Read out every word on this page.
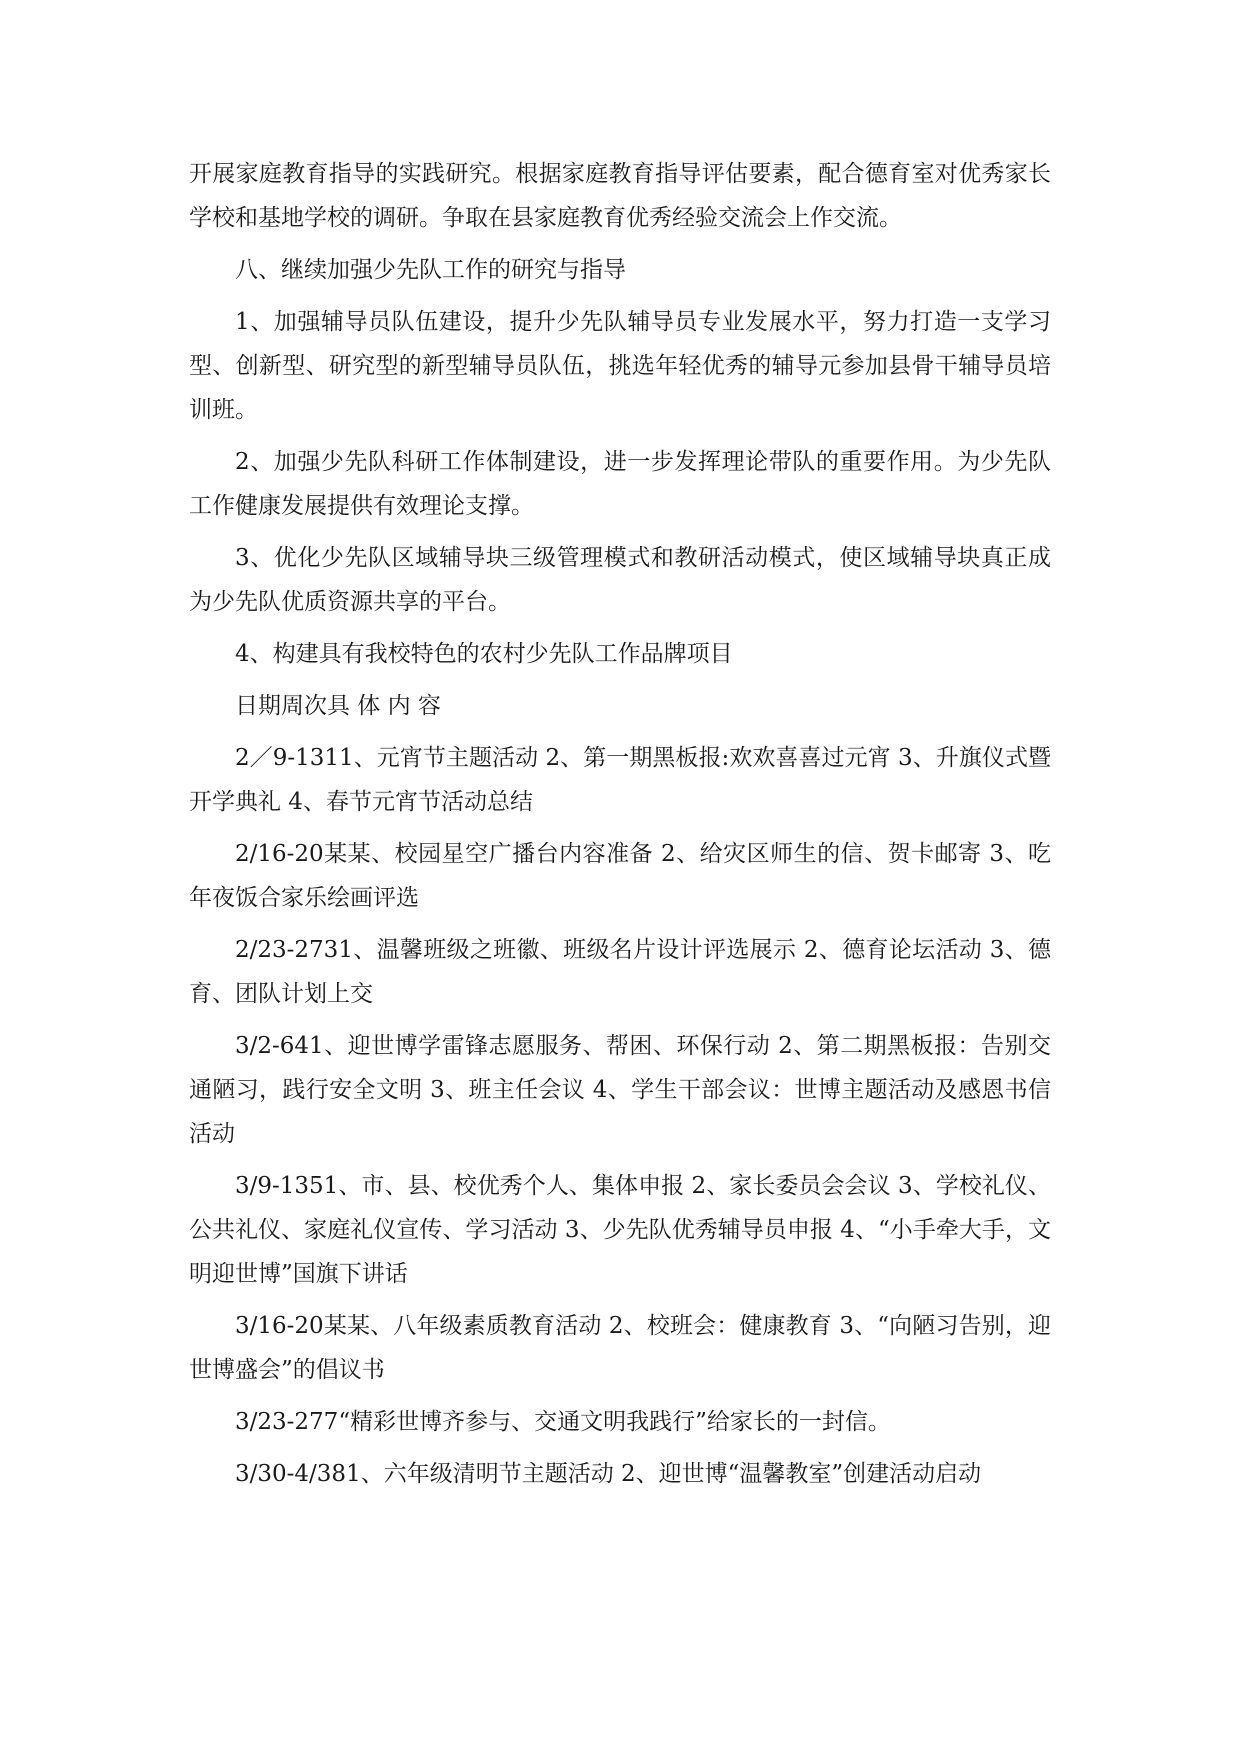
开展家庭教育指导的实践研究。根据家庭教育指导评估要素，配合德育室对优秀家长学校和基地学校的调研。争取在县家庭教育优秀经验交流会上作交流。

八、继续加强少先队工作的研究与指导

1、加强辅导员队伍建设，提升少先队辅导员专业发展水平，努力打造一支学习型、创新型、研究型的新型辅导员队伍，挑选年轻优秀的辅导元参加县骨干辅导员培训班。

2、加强少先队科研工作体制建设，进一步发挥理论带队的重要作用。为少先队工作健康发展提供有效理论支撑。

3、优化少先队区域辅导块三级管理模式和教研活动模式，使区域辅导块真正成为少先队优质资源共享的平台。

4、构建具有我校特色的农村少先队工作品牌项目

日期周次具 体 内 容

2／9-1311、元宵节主题活动 2、第一期黑板报:欢欢喜喜过元宵 3、升旗仪式暨开学典礼 4、春节元宵节活动总结

2/16-20某某、校园星空广播台内容准备 2、给灾区师生的信、贺卡邮寄 3、吃年夜饭合家乐绘画评选

2/23-2731、温馨班级之班徽、班级名片设计评选展示 2、德育论坛活动 3、德育、团队计划上交

3/2-641、迎世博学雷锋志愿服务、帮困、环保行动 2、第二期黑板报：告别交通陋习，践行安全文明 3、班主任会议 4、学生干部会议：世博主题活动及感恩书信活动

3/9-1351、市、县、校优秀个人、集体申报 2、家长委员会会议 3、学校礼仪、公共礼仪、家庭礼仪宣传、学习活动 3、少先队优秀辅导员申报 4、“小手牵大手，文明迎世博”国旗下讲话

3/16-20某某、八年级素质教育活动 2、校班会：健康教育 3、“向陋习告别，迎世博盛会”的倡议书

3/23-277“精彩世博齐参与、交通文明我践行”给家长的一封信。

3/30-4/381、六年级清明节主题活动 2、迎世博“温馨教室”创建活动启动
